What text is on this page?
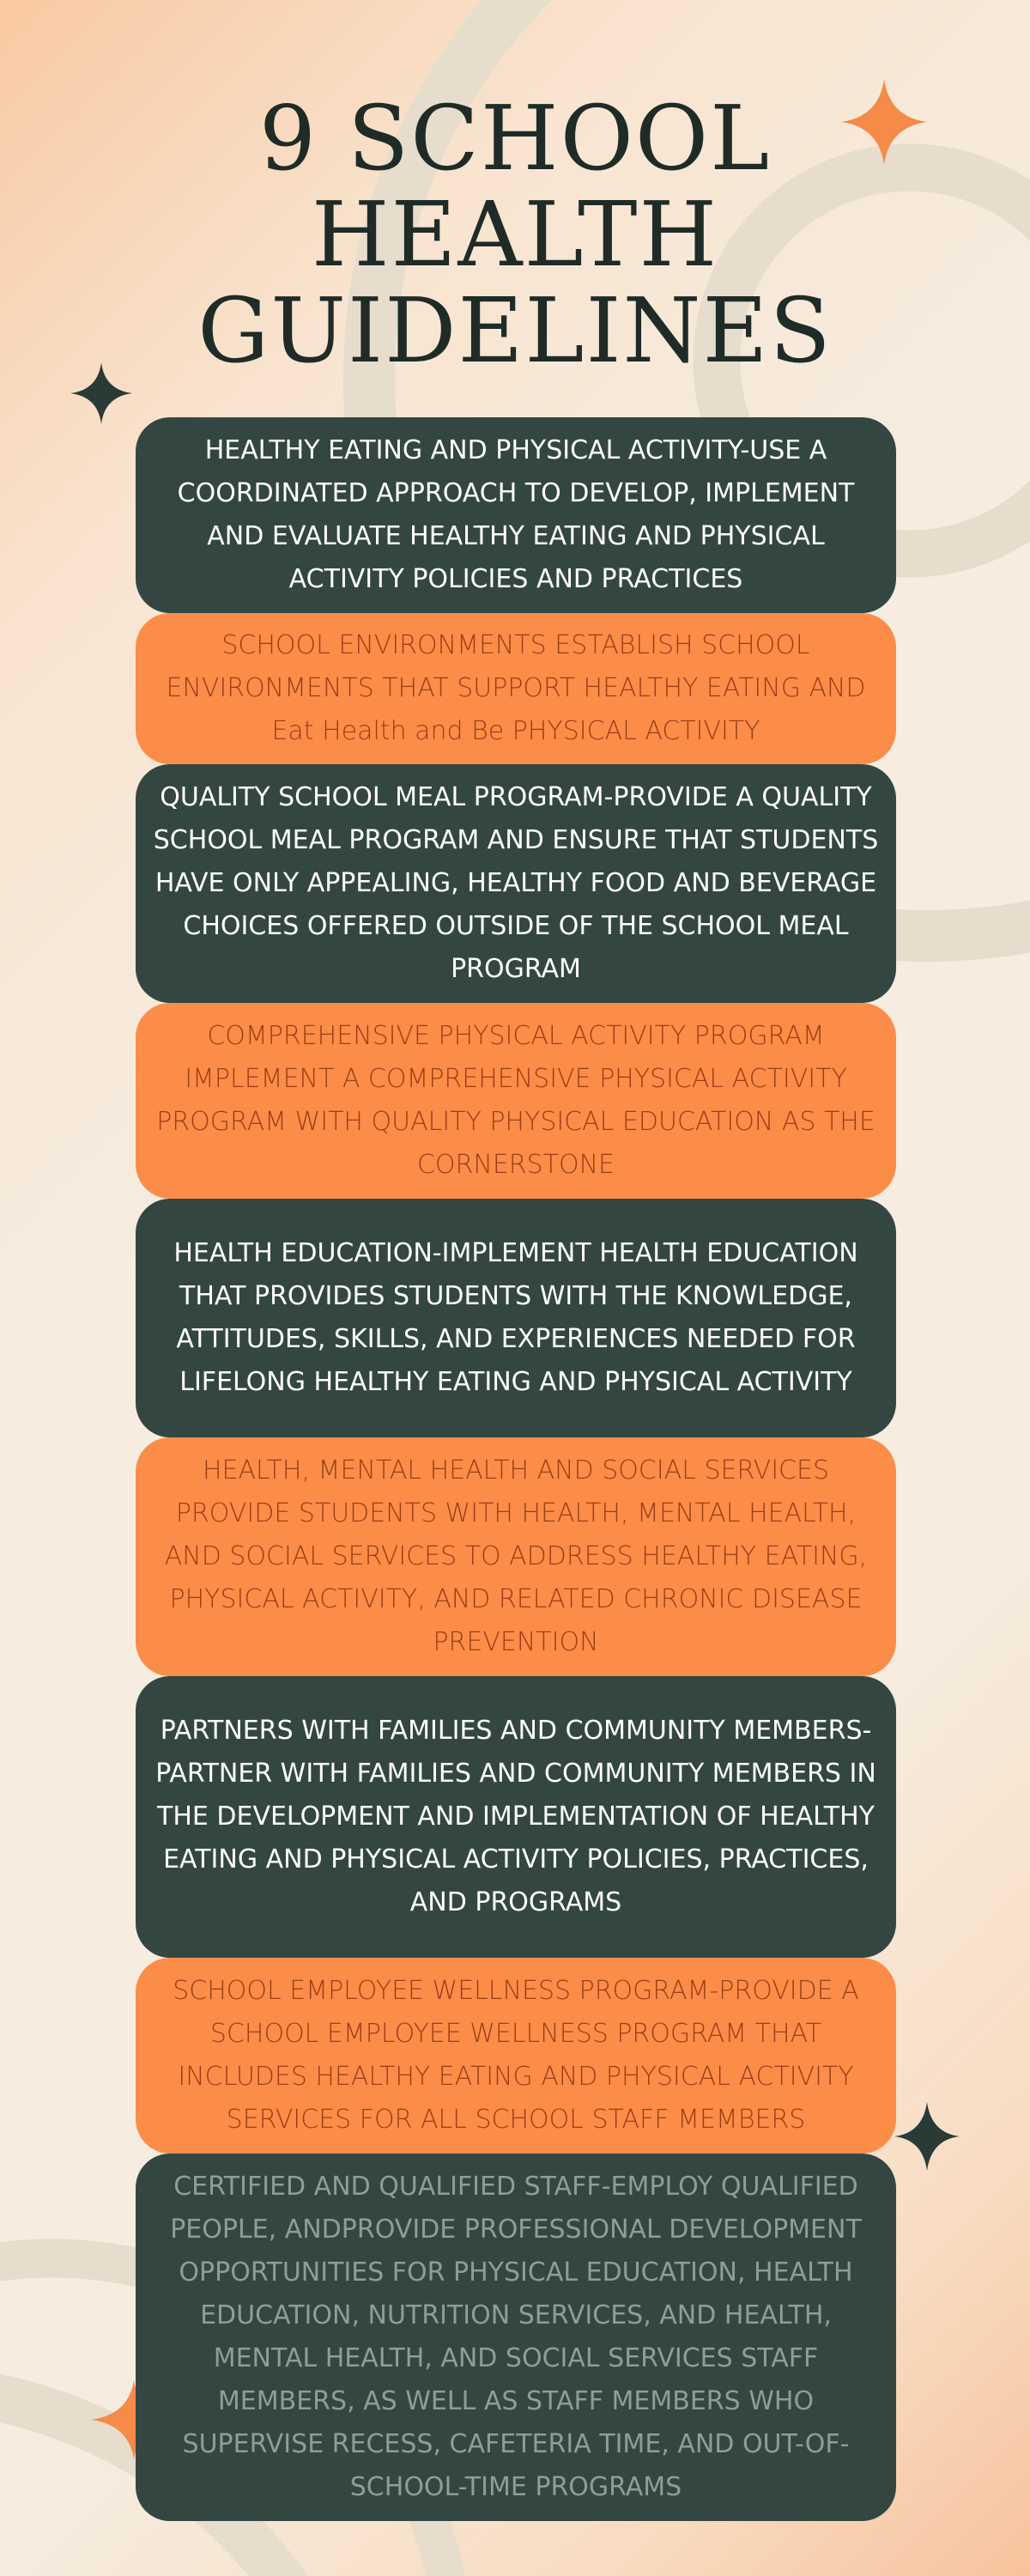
9 SCHOOL
HEALTH
GUIDELINES
HEALTHY EATING AND PHYSICAL ACTIVITY-USE A COORDINATED APPROACH TO DEVELOP, IMPLEMENT AND EVALUATE HEALTHY EATING AND PHYSICAL ACTIVITY POLICIES AND PRACTICES
SCHOOL ENVIRONMENTS ESTABLISH SCHOOL ENVIRONMENTS THAT SUPPORT HEALTHY EATING AND Eat Health and Be PHYSICAL ACTIVITY
QUALITY SCHOOL MEAL PROGRAM-PROVIDE A QUALITY SCHOOL MEAL PROGRAM AND ENSURE THAT STUDENTS HAVE ONLY APPEALING, HEALTHY FOOD AND BEVERAGE CHOICES OFFERED OUTSIDE OF THE SCHOOL MEAL PROGRAM
COMPREHENSIVE PHYSICAL ACTIVITY PROGRAM IMPLEMENT A COMPREHENSIVE PHYSICAL ACTIVITY PROGRAM WITH QUALITY PHYSICAL EDUCATION AS THE CORNERSTONE
HEALTH EDUCATION-IMPLEMENT HEALTH EDUCATION THAT PROVIDES STUDENTS WITH THE KNOWLEDGE, ATTITUDES, SKILLS, AND EXPERIENCES NEEDED FOR LIFELONG HEALTHY EATING AND PHYSICAL ACTIVITY
HEALTH, MENTAL HEALTH AND SOCIAL SERVICES PROVIDE STUDENTS WITH HEALTH, MENTAL HEALTH, AND SOCIAL SERVICES TO ADDRESS HEALTHY EATING, PHYSICAL ACTIVITY, AND RELATED CHRONIC DISEASE PREVENTION
PARTNERS WITH FAMILIES AND COMMUNITY MEMBERS-PARTNER WITH FAMILIES AND COMMUNITY MEMBERS IN THE DEVELOPMENT AND IMPLEMENTATION OF HEALTHY EATING AND PHYSICAL ACTIVITY POLICIES, PRACTICES, AND PROGRAMS
SCHOOL EMPLOYEE WELLNESS PROGRAM-PROVIDE A SCHOOL EMPLOYEE WELLNESS PROGRAM THAT INCLUDES HEALTHY EATING AND PHYSICAL ACTIVITY SERVICES FOR ALL SCHOOL STAFF MEMBERS
CERTIFIED AND QUALIFIED STAFF-EMPLOY QUALIFIED PEOPLE, ANDPROVIDE PROFESSIONAL DEVELOPMENT OPPORTUNITIES FOR PHYSICAL EDUCATION, HEALTH EDUCATION, NUTRITION SERVICES, AND HEALTH, MENTAL HEALTH, AND SOCIAL SERVICES STAFF MEMBERS, AS WELL AS STAFF MEMBERS WHO SUPERVISE RECESS, CAFETERIA TIME, AND OUT-OF-SCHOOL-TIME PROGRAMS
